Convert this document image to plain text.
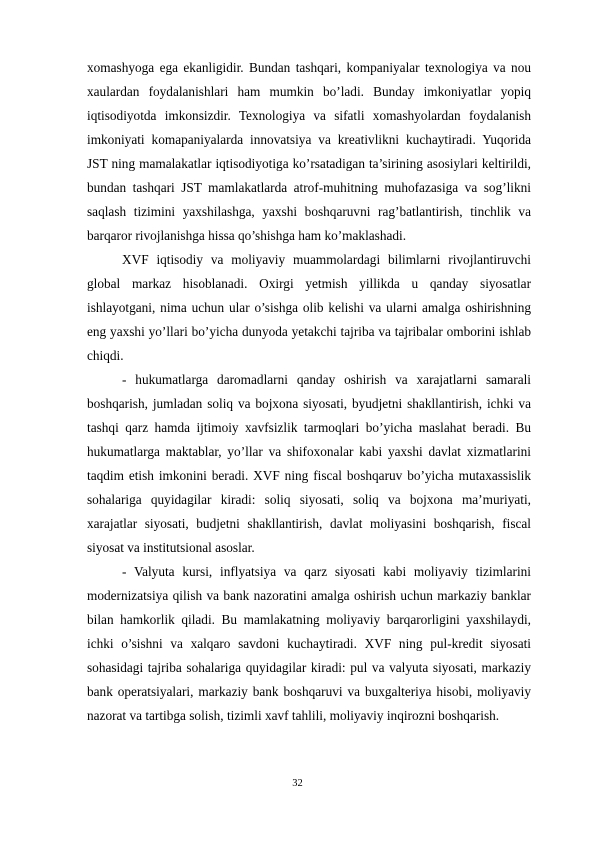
xomashyoga ega ekanligidir. Bundan tashqari, kompaniyalar texnologiya va nou xaulardan foydalanishlari ham mumkin bo’ladi. Bunday imkoniyatlar yopiq iqtisodiyotda imkonsizdir. Texnologiya va sifatli xomashyolardan foydalanish imkoniyati komapaniyalarda innovatsiya va kreativlikni kuchaytiradi. Yuqorida JST ning mamalakatlar iqtisodiyotiga ko’rsatadigan ta’sirining asosiylari keltirildi, bundan tashqari JST mamlakatlarda atrof-muhitning muhofazasiga va sog’likni saqlash tizimini yaxshilashga, yaxshi boshqaruvni rag’batlantirish, tinchlik va barqaror rivojlanishga hissa qo’shishga ham ko’maklashadi.

XVF iqtisodiy va moliyaviy muammolardagi bilimlarni rivojlantiruvchi global markaz hisoblanadi. Oxirgi yetmish yillikda u qanday siyosatlar ishlayotgani, nima uchun ular o’sishga olib kelishi va ularni amalga oshirishning eng yaxshi yo’llari bo’yicha dunyoda yetakchi tajriba va tajribalar omborini ishlab chiqdi.

- hukumatlarga daromadlarni qanday oshirish va xarajatlarni samarali boshqarish, jumladan soliq va bojxona siyosati, byudjetni shakllantirish, ichki va tashqi qarz hamda ijtimoiy xavfsizlik tarmoqlari bo’yicha maslahat beradi. Bu hukumatlarga maktablar, yo’llar va shifoxonalar kabi yaxshi davlat xizmatlarini taqdim etish imkonini beradi. XVF ning fiscal boshqaruv bo’yicha mutaxassislik sohalariga quyidagilar kiradi: soliq siyosati, soliq va bojxona ma’muriyati, xarajatlar siyosati, budjetni shakllantirish, davlat moliyasini boshqarish, fiscal siyosat va institutsional asoslar.

- Valyuta kursi, inflyatsiya va qarz siyosati kabi moliyaviy tizimlarini modernizatsiya qilish va bank nazoratini amalga oshirish uchun markaziy banklar bilan hamkorlik qiladi. Bu mamlakatning moliyaviy barqarorligini yaxshilaydi, ichki o’sishni va xalqaro savdoni kuchaytiradi. XVF ning pul-kredit siyosati sohasidagi tajriba sohalariga quyidagilar kiradi: pul va valyuta siyosati, markaziy bank operatsiyalari, markaziy bank boshqaruvi va buxgalteriya hisobi, moliyaviy nazorat va tartibga solish, tizimli xavf tahlili, moliyaviy inqirozni boshqarish.

32
